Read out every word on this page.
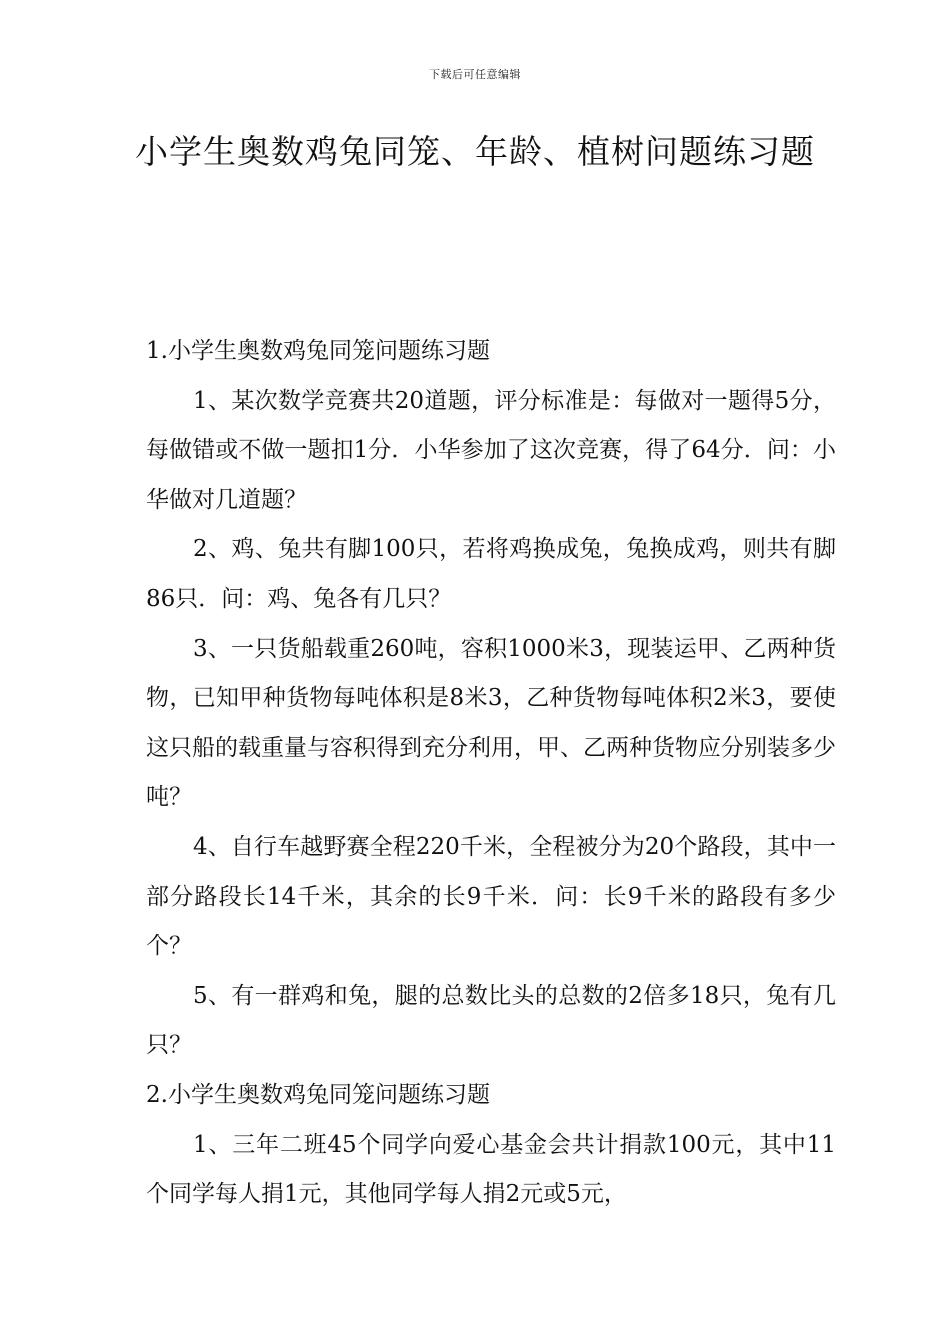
下载后可任意编辑
小学生奥数鸡兔同笼、年龄、植树问题练习题
1.小学生奥数鸡兔同笼问题练习题

1、某次数学竞赛共20道题，评分标准是：每做对一题得5分，每做错或不做一题扣1分．小华参加了这次竞赛，得了64分．问：小华做对几道题？

2、鸡、兔共有脚100只，若将鸡换成兔，兔换成鸡，则共有脚86只．问：鸡、兔各有几只？

3、一只货船载重260吨，容积1000米3，现装运甲、乙两种货物，已知甲种货物每吨体积是8米3，乙种货物每吨体积2米3，要使这只船的载重量与容积得到充分利用，甲、乙两种货物应分别装多少吨？

4、自行车越野赛全程220千米，全程被分为20个路段，其中一部分路段长14千米，其余的长9千米．问：长9千米的路段有多少个？

5、有一群鸡和兔，腿的总数比头的总数的2倍多18只，兔有几只？

2.小学生奥数鸡兔同笼问题练习题

1、三年二班45个同学向爱心基金会共计捐款100元，其中11个同学每人捐1元，其他同学每人捐2元或5元，
